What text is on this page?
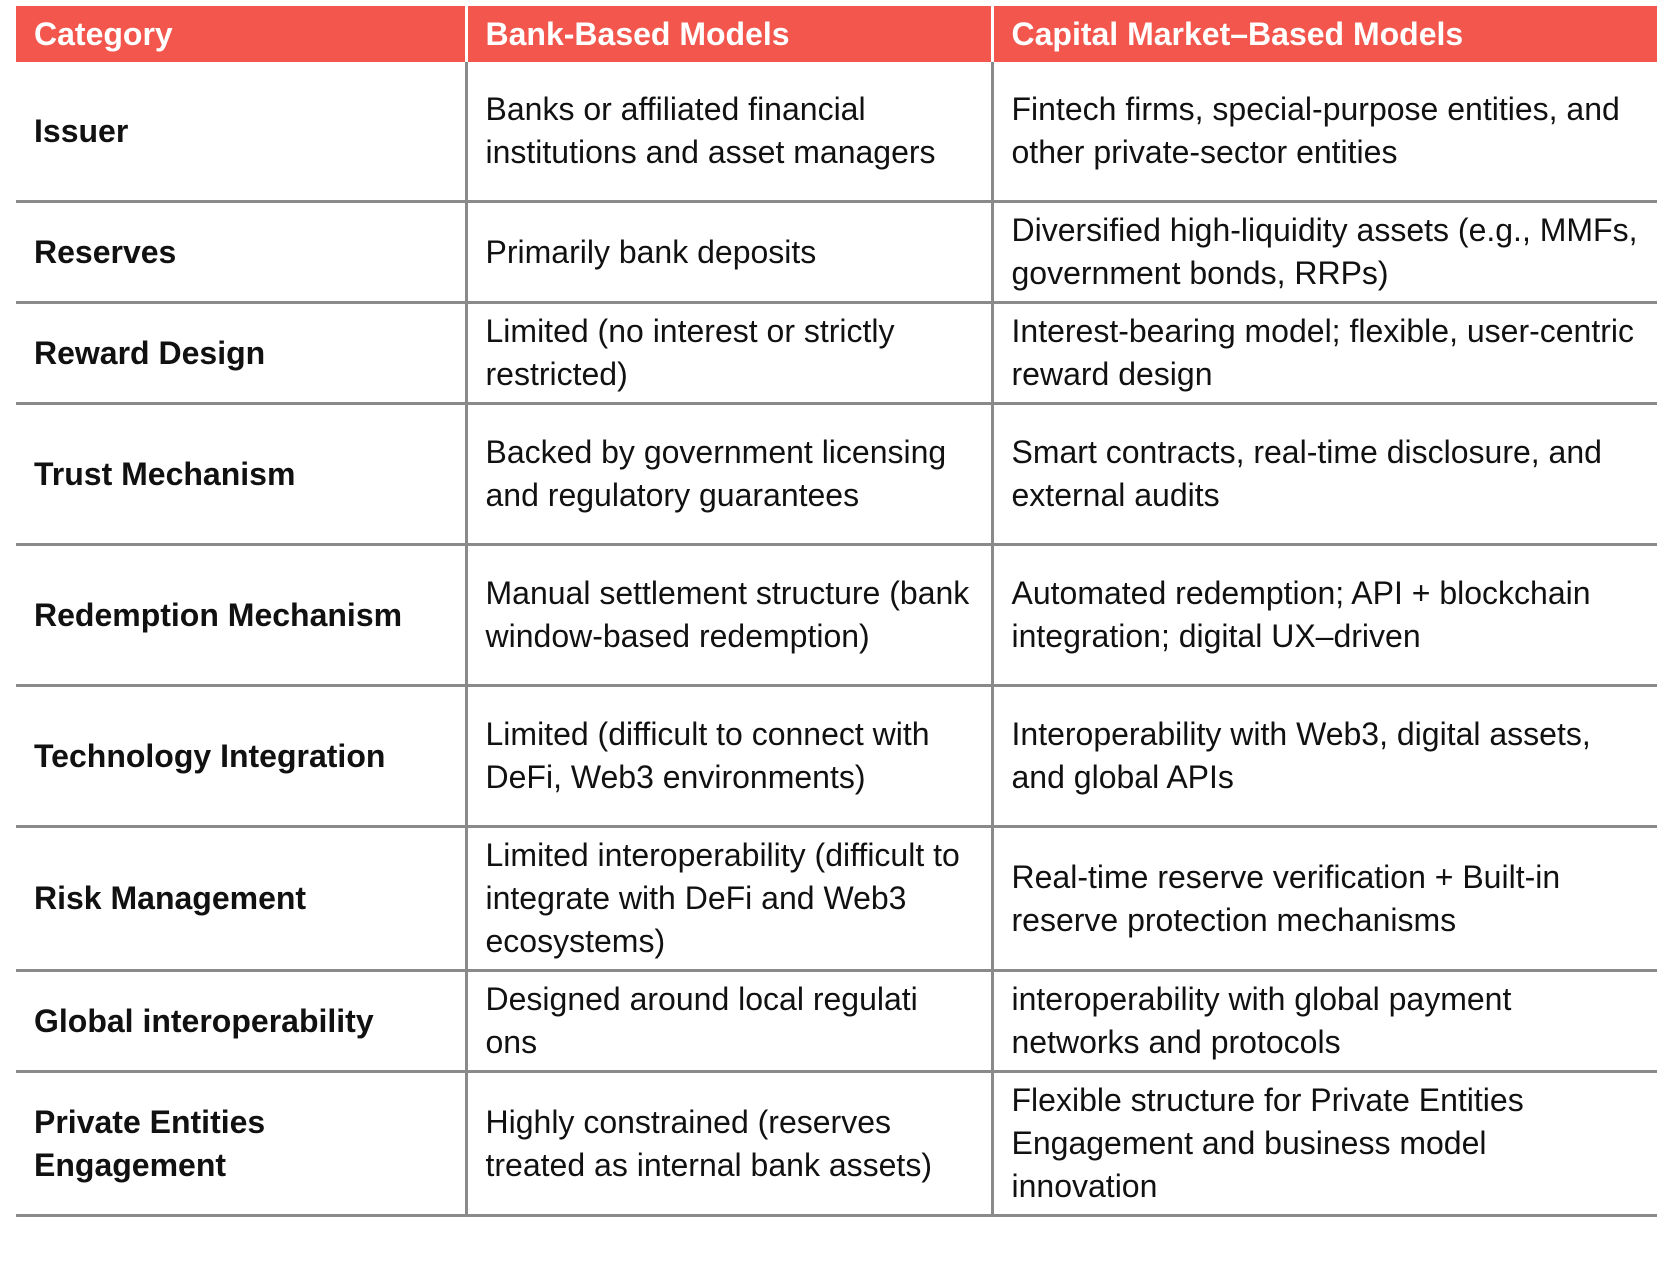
Category	Bank-Based Models	Capital Market–Based Models
Issuer	Banks or affiliated financial institutions and asset managers	Fintech firms, special-purpose entities, and other private-sector entities
Reserves	Primarily bank deposits	Diversified high-liquidity assets (e.g., MMFs, government bonds, RRPs)
Reward Design	Limited (no interest or strictly restricted)	Interest-bearing model; flexible, user-centric reward design
Trust Mechanism	Backed by government licensing and regulatory guarantees	Smart contracts, real-time disclosure, and external audits
Redemption Mechanism	Manual settlement structure (bank window-based redemption)	Automated redemption; API + blockchain integration; digital UX–driven
Technology Integration	Limited (difficult to connect with DeFi, Web3 environments)	Interoperability with Web3, digital assets, and global APIs
Risk Management	Limited interoperability (difficult to integrate with DeFi and Web3 ecosystems)	Real-time reserve verification + Built-in reserve protection mechanisms
Global interoperability	Designed around local regulati ons	interoperability with global payment networks and protocols
Private Entities Engagement	Highly constrained (reserves treated as internal bank assets)	Flexible structure for Private Entities Engagement and business model innovation
